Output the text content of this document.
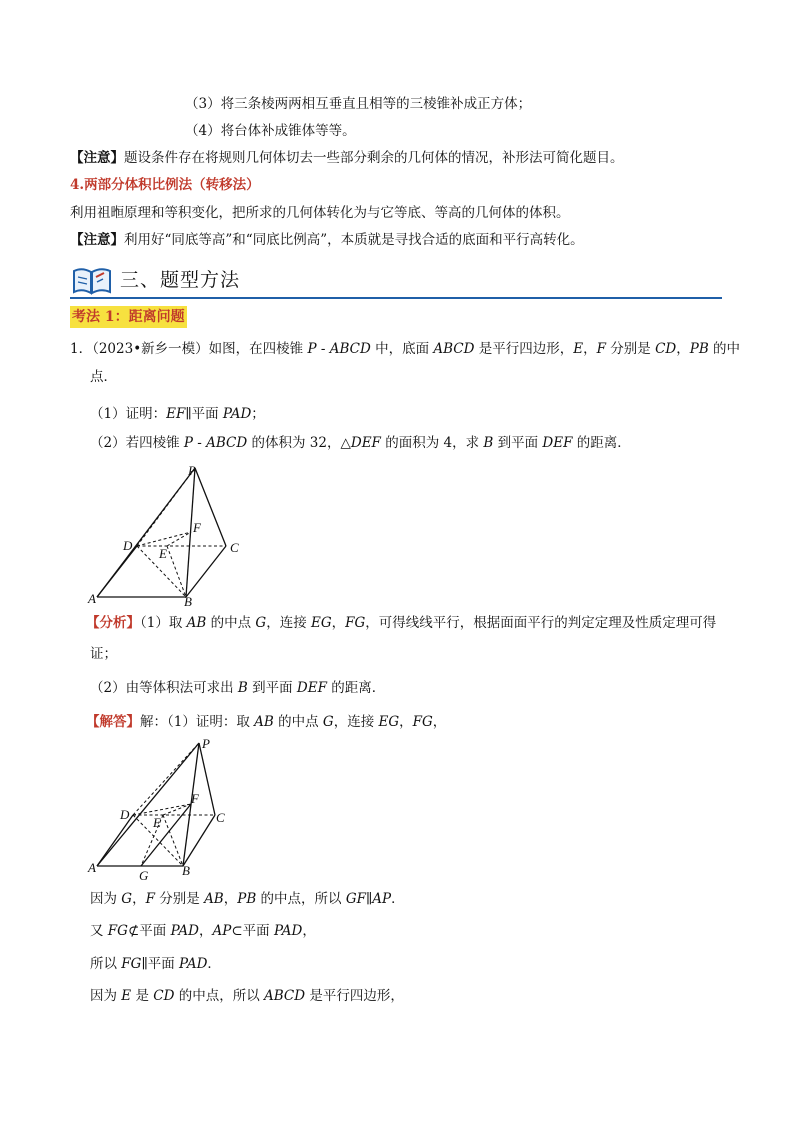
（3）将三条棱两两相互垂直且相等的三棱锥补成正方体；
（4）将台体补成锥体等等。
【注意】题设条件存在将规则几何体切去一些部分剩余的几何体的情况，补形法可简化题目。
4.两部分体积比例法（转移法）
利用祖暅原理和等积变化，把所求的几何体转化为与它等底、等高的几何体的体积。
【注意】利用好“同底等高”和“同底比例高”，本质就是寻找合适的底面和平行高转化。
三、题型方法
考法 1：距离问题
1．（2023•新乡一模）如图，在四棱锥 P - ABCD 中，底面 ABCD 是平行四边形，E，F 分别是 CD，PB 的中
点．
（1）证明：EF∥平面 PAD；
（2）若四棱锥 P - ABCD 的体积为 32，△DEF 的面积为 4，求 B 到平面 DEF 的距离．
P
F
D
E	C
A	B
【分析】（1）取 AB 的中点 G，连接 EG，FG，可得线线平行，根据面面平行的判定定理及性质定理可得
证；
（2）由等体积法可求出 B 到平面 DEF 的距离．
【解答】解：（1）证明：取 AB 的中点 G，连接 EG，FG，
P
F
D
E	C
A	B
G
因为 G，F 分别是 AB，PB 的中点，所以 GF∥AP．
又 FG⊄平面 PAD，AP⊂平面 PAD，
所以 FG∥平面 PAD．
因为 E 是 CD 的中点，所以 ABCD 是平行四边形，
